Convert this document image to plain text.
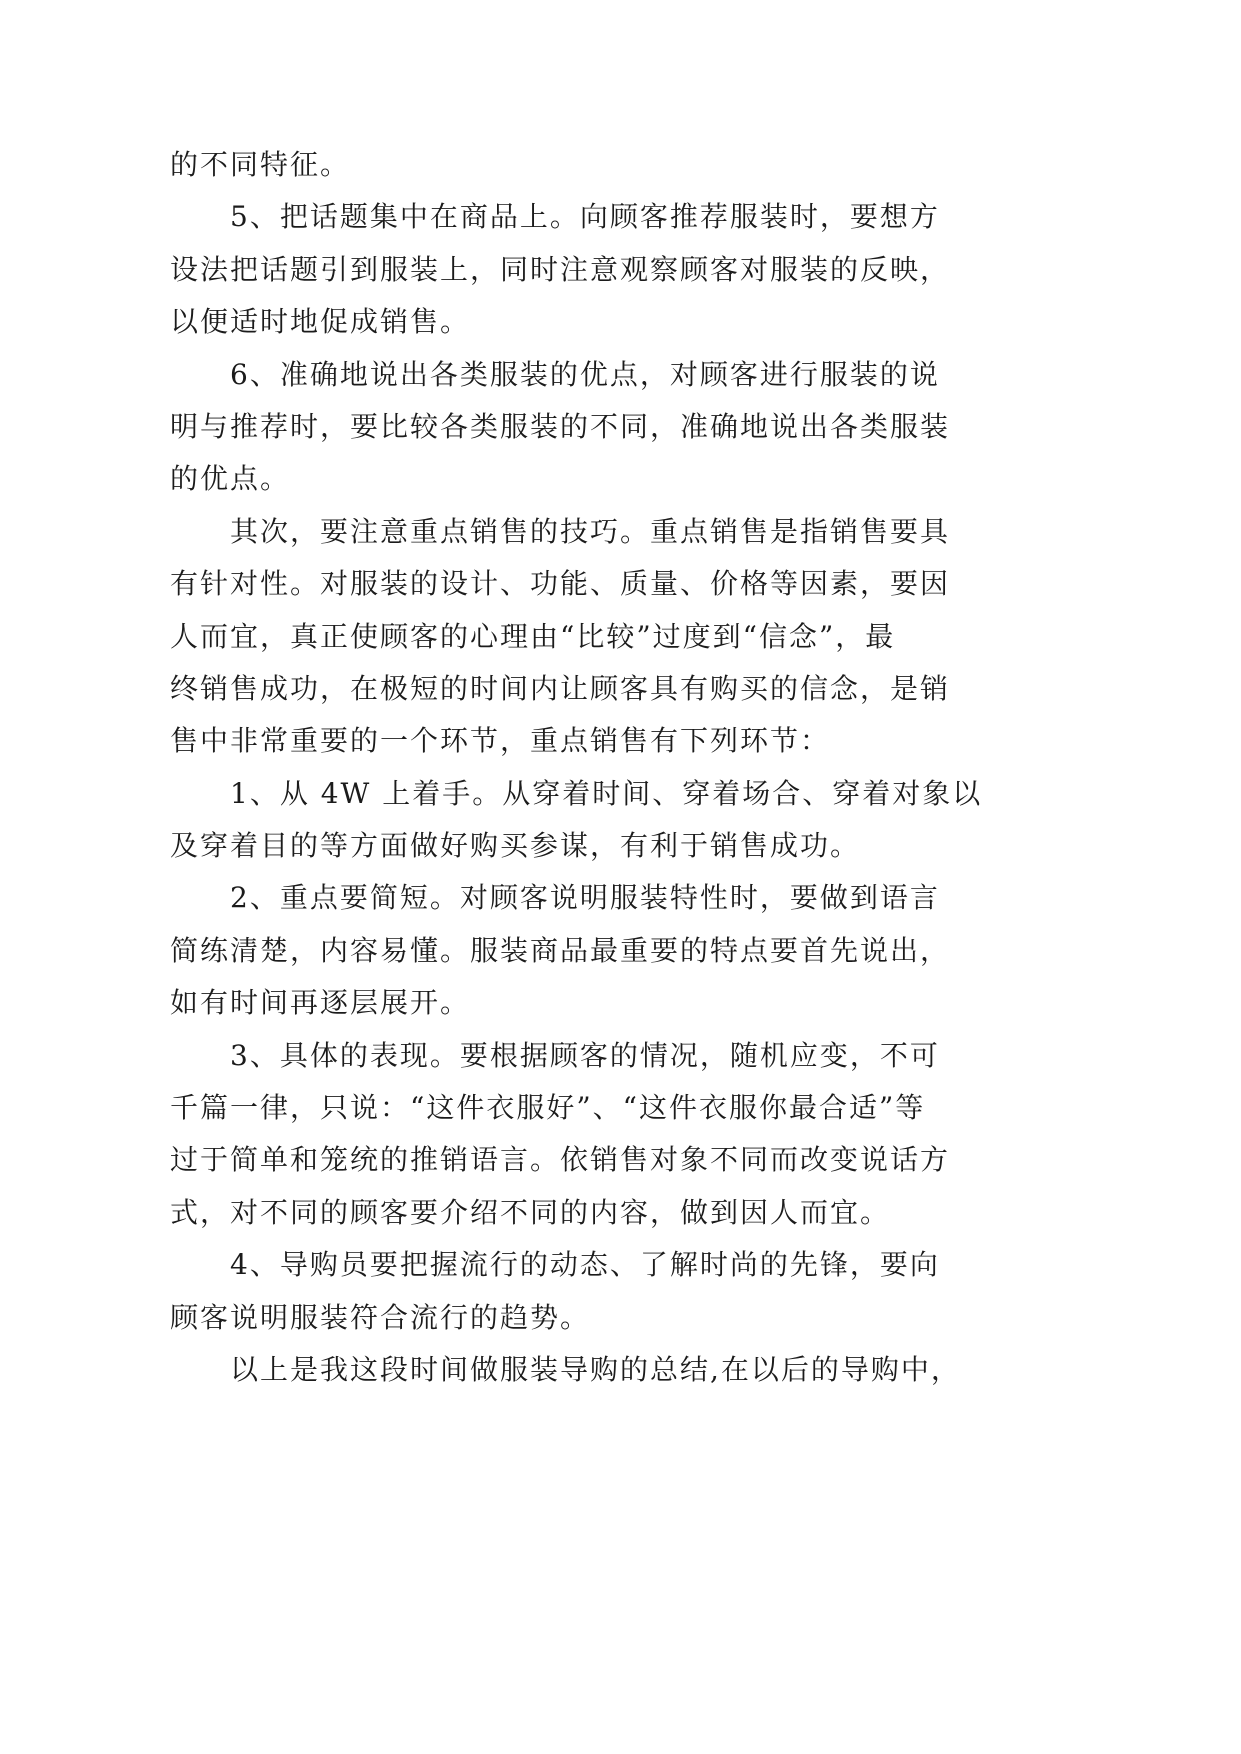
的不同特征。

5、把话题集中在商品上。向顾客推荐服装时，要想方
设法把话题引到服装上，同时注意观察顾客对服装的反映，
以便适时地促成销售。

6、准确地说出各类服装的优点，对顾客进行服装的说
明与推荐时，要比较各类服装的不同，准确地说出各类服装
的优点。

其次，要注意重点销售的技巧。重点销售是指销售要具
有针对性。对服装的设计、功能、质量、价格等因素，要因
人而宜，真正使顾客的心理由“比较”过度到“信念”，最
终销售成功，在极短的时间内让顾客具有购买的信念，是销
售中非常重要的一个环节，重点销售有下列环节：

1、从 4W 上着手。从穿着时间、穿着场合、穿着对象以
及穿着目的等方面做好购买参谋，有利于销售成功。

2、重点要简短。对顾客说明服装特性时，要做到语言
简练清楚，内容易懂。服装商品最重要的特点要首先说出，
如有时间再逐层展开。

3、具体的表现。要根据顾客的情况，随机应变，不可
千篇一律，只说：“这件衣服好”、“这件衣服你最合适”等
过于简单和笼统的推销语言。依销售对象不同而改变说话方
式，对不同的顾客要介绍不同的内容，做到因人而宜。

4、导购员要把握流行的动态、了解时尚的先锋，要向
顾客说明服装符合流行的趋势。

以上是我这段时间做服装导购的总结,在以后的导购中，
